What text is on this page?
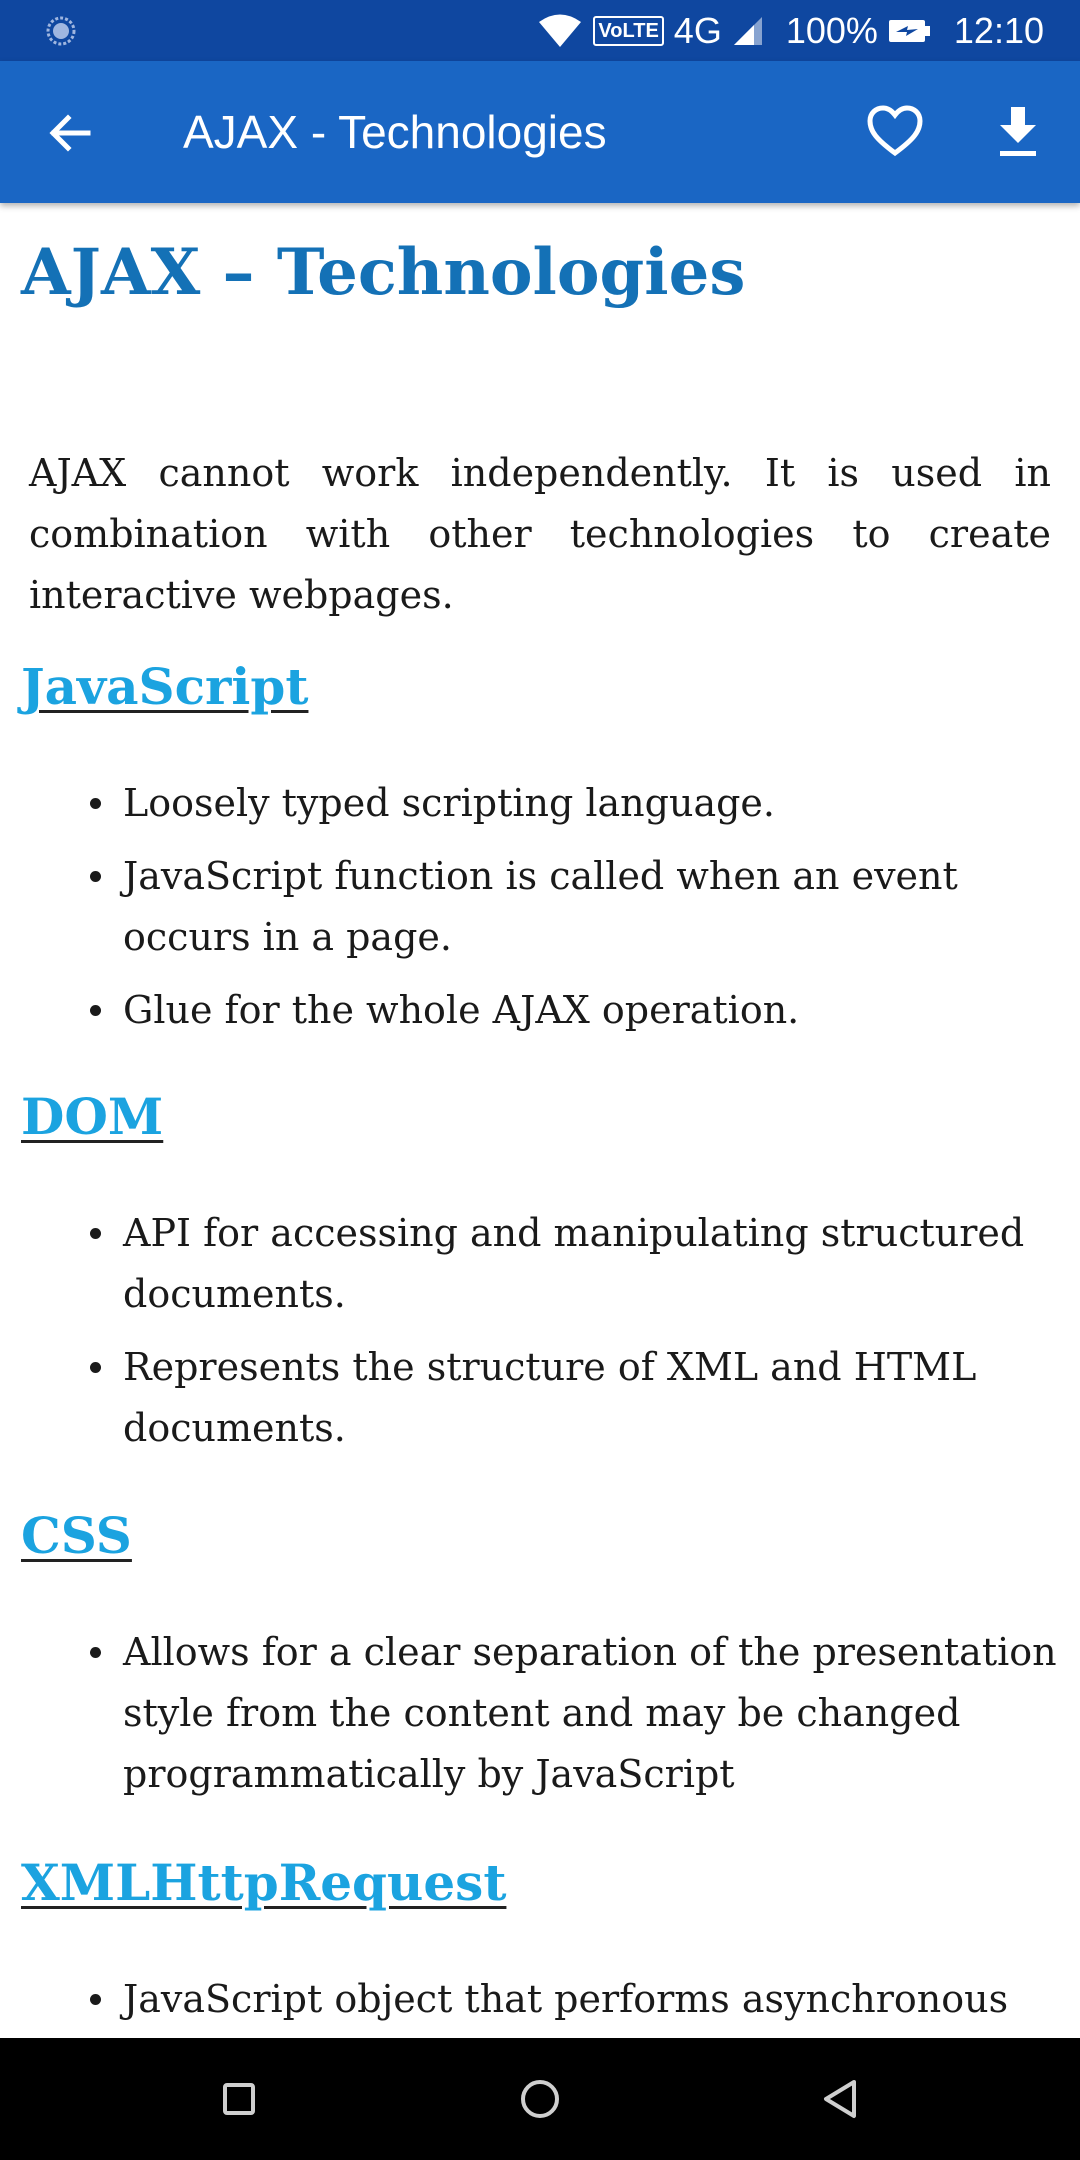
VoLTE 4G 100% 12:10
AJAX - Technologies
AJAX – Technologies

AJAX cannot work independently. It is used in combination with other technologies to create interactive webpages.

JavaScript
Loosely typed scripting language.
JavaScript function is called when an event occurs in a page.
Glue for the whole AJAX operation.
DOM
API for accessing and manipulating structured documents.
Represents the structure of XML and HTML documents.
CSS
Allows for a clear separation of the presentation style from the content and may be changed programmatically by JavaScript
XMLHttpRequest
JavaScript object that performs asynchronous
